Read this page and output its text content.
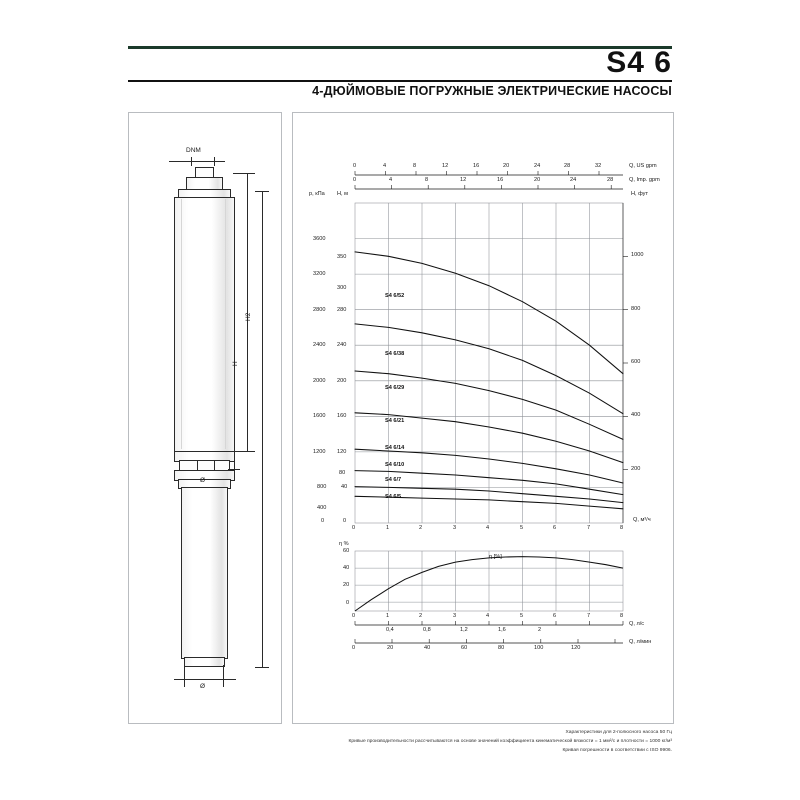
S4 6
4-ДЮЙМОВЫЕ ПОГРУЖНЫЕ ЭЛЕКТРИЧЕСКИЕ НАСОСЫ
DNM
Ø
H2
H
Ø
0	4	8	12	16	20	24	28	32	Q, US gpm
0	4	8	12	16	20	24	28	Q, Imp. gpm
p, кПа
3600
3200
2800
2400
2000
1600
1200
800
400
0
H, м
350
300
280
240
200
160
120
80
40
0
H, фут
1000
800
600
400
200
S4 6/52
S4 6/38
S4 6/29
S4 6/21
S4 6/14
S4 6/10
S4 6/7
S4 6/5
0	1	2	3	4	5	6	7	8
Q, м³/ч
η %
60
40
20
0
η [%]
0	1	2	3	4	5	6	7	8
0,4	0,8	1,2	1,6	2
Q, л/с
0	20	40	60	80	100	120
Q, л/мин
Характеристики для 2-полюсного насоса 50 Гц
Кривые производительности рассчитываются на основе значений коэффициента кинематической вязкости = 1 мм²/с и плотности = 1000 кг/м³
Кривая погрешности в соответствии с ISO 9906.
